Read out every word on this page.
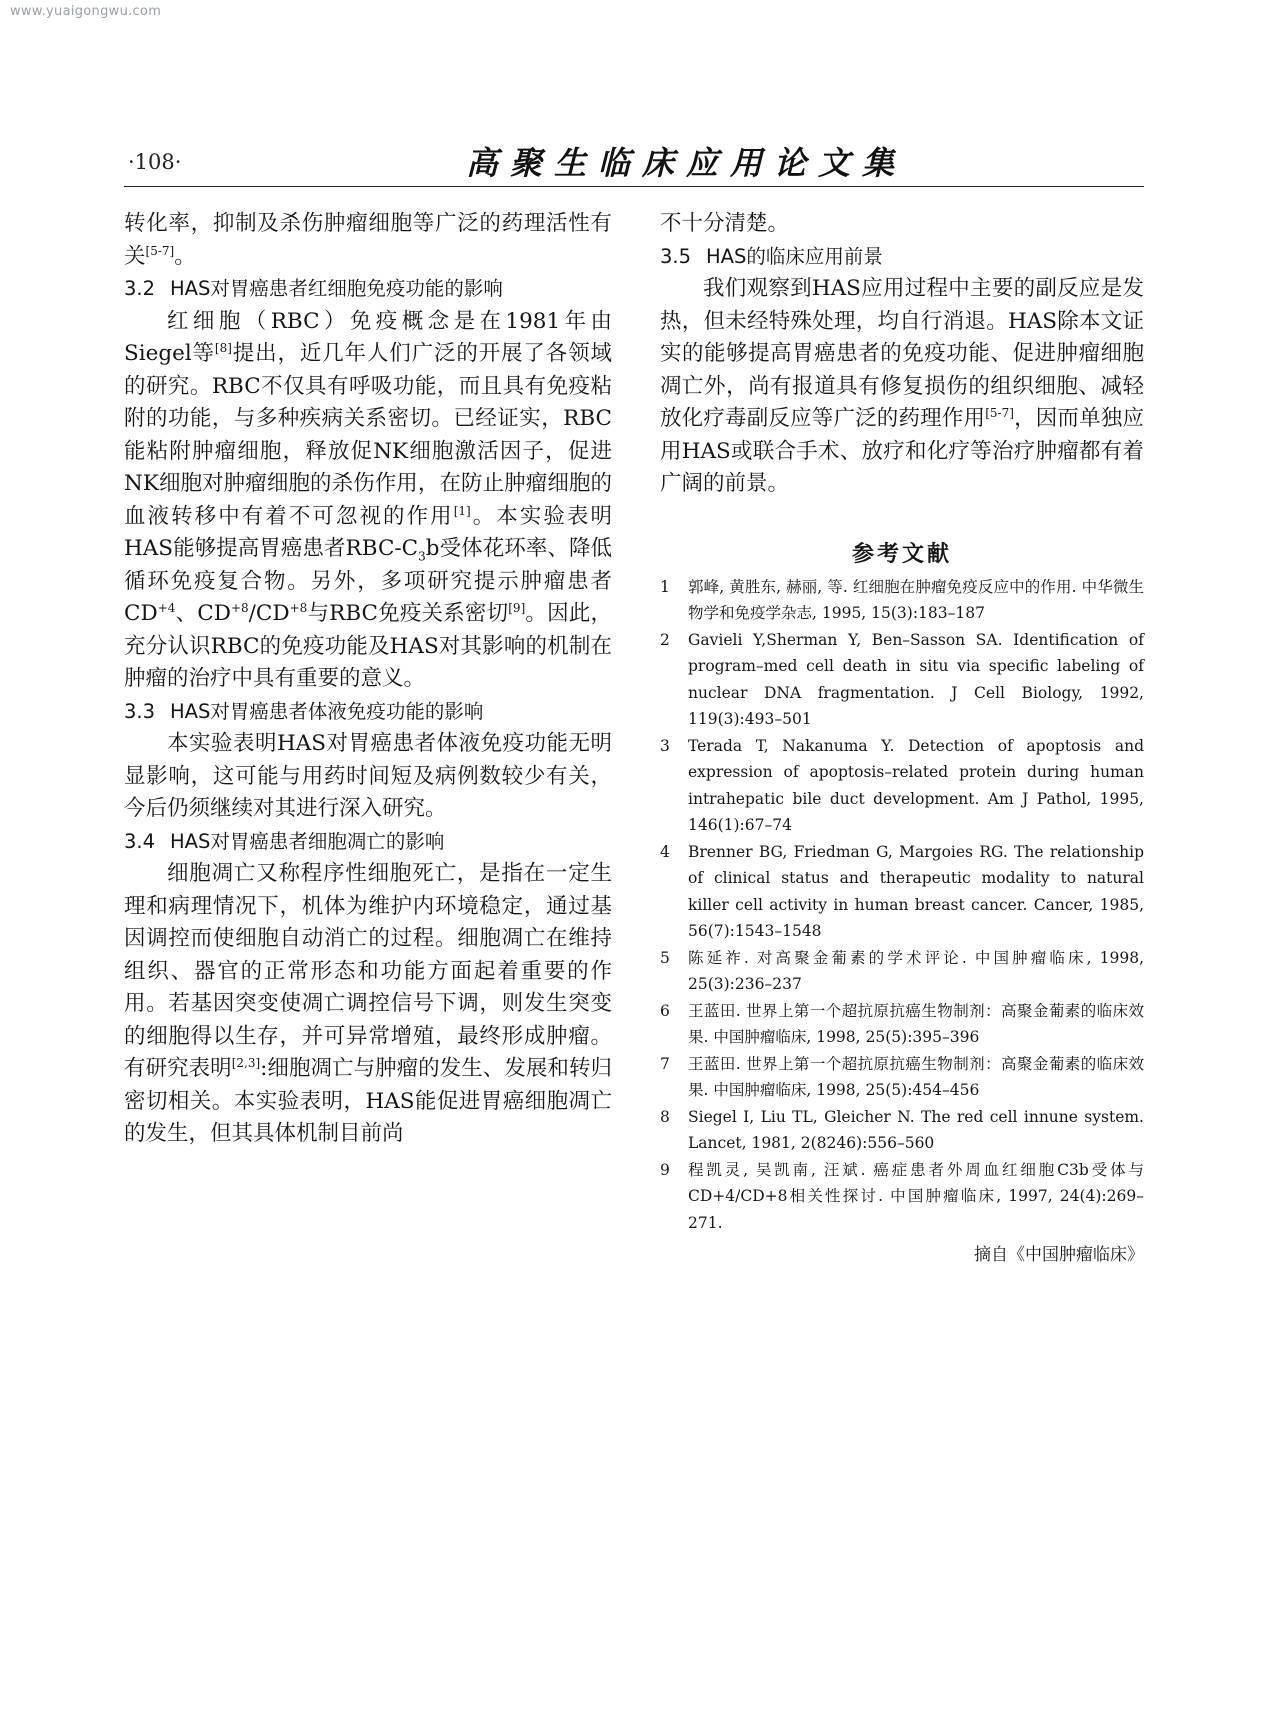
www.yuaigongwu.com
·108·	高聚生临床应用论文集

转化率，抑制及杀伤肿瘤细胞等广泛的药理活性有关[5-7]。

3.2 HAS对胃癌患者红细胞免疫功能的影响

红细胞（RBC）免疫概念是在1981年由Siegel等[8]提出，近几年人们广泛的开展了各领域的研究。RBC不仅具有呼吸功能，而且具有免疫粘附的功能，与多种疾病关系密切。已经证实，RBC能粘附肿瘤细胞，释放促NK细胞激活因子，促进NK细胞对肿瘤细胞的杀伤作用，在防止肿瘤细胞的血液转移中有着不可忽视的作用[1]。本实验表明HAS能够提高胃癌患者RBC-$C_3b$受体花环率、降低循环免疫复合物。另外，多项研究提示肿瘤患者$CD^{+4}$、$CD^{+8}/CD^{+8}$与RBC免疫关系密切[9]。因此，充分认识RBC的免疫功能及HAS对其影响的机制在肿瘤的治疗中具有重要的意义。

3.3 HAS对胃癌患者体液免疫功能的影响

本实验表明HAS对胃癌患者体液免疫功能无明显影响，这可能与用药时间短及病例数较少有关，今后仍须继续对其进行深入研究。

3.4 HAS对胃癌患者细胞凋亡的影响

细胞凋亡又称程序性细胞死亡，是指在一定生理和病理情况下，机体为维护内环境稳定，通过基因调控而使细胞自动消亡的过程。细胞凋亡在维持组织、器官的正常形态和功能方面起着重要的作用。若基因突变使凋亡调控信号下调，则发生突变的细胞得以生存，并可异常增殖，最终形成肿瘤。有研究表明[2,3]:细胞凋亡与肿瘤的发生、发展和转归密切相关。本实验表明，HAS能促进胃癌细胞凋亡的发生，但其具体机制目前尚

不十分清楚。

3.5 HAS的临床应用前景

我们观察到HAS应用过程中主要的副反应是发热，但未经特殊处理，均自行消退。HAS除本文证实的能够提高胃癌患者的免疫功能、促进肿瘤细胞凋亡外，尚有报道具有修复损伤的组织细胞、减轻放化疗毒副反应等广泛的药理作用[5-7]，因而单独应用HAS或联合手术、放疗和化疗等治疗肿瘤都有着广阔的前景。

参考文献
1	郭峰, 黄胜东, 赫丽, 等. 红细胞在肿瘤免疫反应中的作用. 中华微生物学和免疫学杂志, 1995, 15(3):183–187
2	Gavieli Y,Sherman Y, Ben–Sasson SA. Identification of program–med cell death in situ via specific labeling of nuclear DNA fragmentation. J Cell Biology, 1992, 119(3):493–501
3	Terada T, Nakanuma Y. Detection of apoptosis and expression of apoptosis–related protein during human intrahepatic bile duct development. Am J Pathol, 1995, 146(1):67–74
4	Brenner BG, Friedman G, Margoies RG. The relationship of clinical status and therapeutic modality to natural killer cell activity in human breast cancer. Cancer, 1985, 56(7):1543–1548
5	陈延祚. 对高聚金葡素的学术评论. 中国肿瘤临床, 1998, 25(3):236–237
6	王蓝田. 世界上第一个超抗原抗癌生物制剂：高聚金葡素的临床效果. 中国肿瘤临床, 1998, 25(5):395–396
7	王蓝田. 世界上第一个超抗原抗癌生物制剂：高聚金葡素的临床效果. 中国肿瘤临床, 1998, 25(5):454–456
8	Siegel I, Liu TL, Gleicher N. The red cell innune system. Lancet, 1981, 2(8246):556–560
9	程凯灵, 吴凯南, 汪斌. 癌症患者外周血红细胞C3b受体与CD+4/CD+8相关性探讨. 中国肿瘤临床, 1997, 24(4):269–271.
摘自《中国肿瘤临床》
